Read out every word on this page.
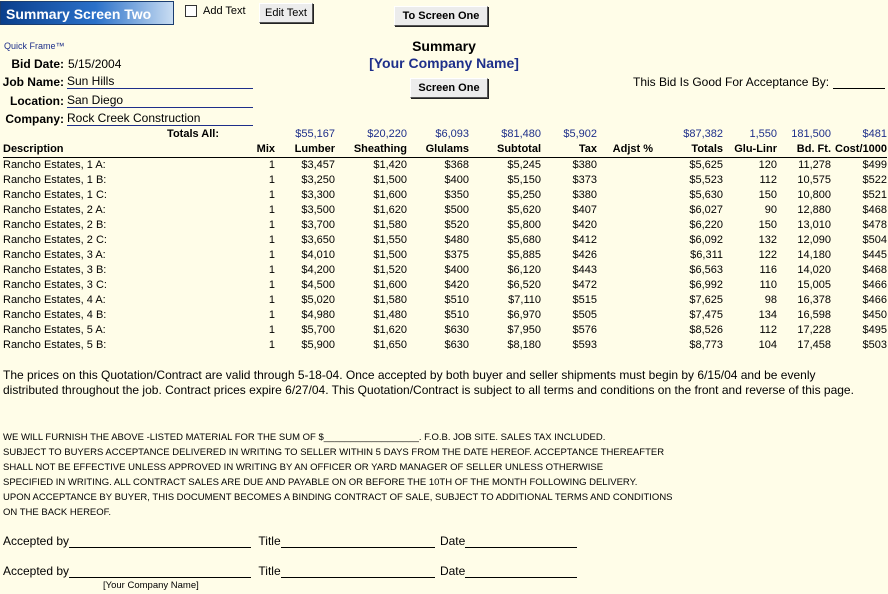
Summary Screen Two	Add Text	Edit Text	To Screen One
Quick Frame™	Summary
[Your Company Name]
Screen One	This Bid Is Good For Acceptance By:
Bid Date: 5/15/2004
Job Name: Sun Hills
Location: San Diego
Company: Rock Creek Construction
Totals All:		$55,167	$20,220	$6,093	$81,480	$5,902		$87,382	1,550	181,500	$481
Description	Mix	Lumber	Sheathing	Glulams	Subtotal	Tax	Adjst %	Totals	Glu-Linr	Bd. Ft.	Cost/1000
Rancho Estates, 1 A:	1	$3,457	$1,420	$368	$5,245	$380		$5,625	120	11,278	$499
Rancho Estates, 1 B:	1	$3,250	$1,500	$400	$5,150	$373		$5,523	112	10,575	$522
Rancho Estates, 1 C:	1	$3,300	$1,600	$350	$5,250	$380		$5,630	150	10,800	$521
Rancho Estates, 2 A:	1	$3,500	$1,620	$500	$5,620	$407		$6,027	90	12,880	$468
Rancho Estates, 2 B:	1	$3,700	$1,580	$520	$5,800	$420		$6,220	150	13,010	$478
Rancho Estates, 2 C:	1	$3,650	$1,550	$480	$5,680	$412		$6,092	132	12,090	$504
Rancho Estates, 3 A:	1	$4,010	$1,500	$375	$5,885	$426		$6,311	122	14,180	$445
Rancho Estates, 3 B:	1	$4,200	$1,520	$400	$6,120	$443		$6,563	116	14,020	$468
Rancho Estates, 3 C:	1	$4,500	$1,600	$420	$6,520	$472		$6,992	110	15,005	$466
Rancho Estates, 4 A:	1	$5,020	$1,580	$510	$7,110	$515		$7,625	98	16,378	$466
Rancho Estates, 4 B:	1	$4,980	$1,480	$510	$6,970	$505		$7,475	134	16,598	$450
Rancho Estates, 5 A:	1	$5,700	$1,620	$630	$7,950	$576		$8,526	112	17,228	$495
Rancho Estates, 5 B:	1	$5,900	$1,650	$630	$8,180	$593		$8,773	104	17,458	$503
The prices on this Quotation/Contract are valid through 5-18-04. Once accepted by both buyer and seller shipments must begin by 6/15/04 and be evenly distributed throughout the job. Contract prices expire 6/27/04. This Quotation/Contract is subject to all terms and conditions on the front and reverse of this page.
WE WILL FURNISH THE ABOVE -LISTED MATERIAL FOR THE SUM OF $__________________. F.O.B. JOB SITE. SALES TAX INCLUDED.
SUBJECT TO BUYERS ACCEPTANCE DELIVERED IN WRITING TO SELLER WITHIN 5 DAYS FROM THE DATE HEREOF. ACCEPTANCE THEREAFTER
SHALL NOT BE EFFECTIVE UNLESS APPROVED IN WRITING BY AN OFFICER OR YARD MANAGER OF SELLER UNLESS OTHERWISE
SPECIFIED IN WRITING. ALL CONTRACT SALES ARE DUE AND PAYABLE ON OR BEFORE THE 10TH OF THE MONTH FOLLOWING DELIVERY.
UPON ACCEPTANCE BY BUYER, THIS DOCUMENT BECOMES A BINDING CONTRACT OF SALE, SUBJECT TO ADDITIONAL TERMS AND CONDITIONS
ON THE BACK HEREOF.
Accepted by	Title	Date
Accepted by	Title	Date
[Your Company Name]
